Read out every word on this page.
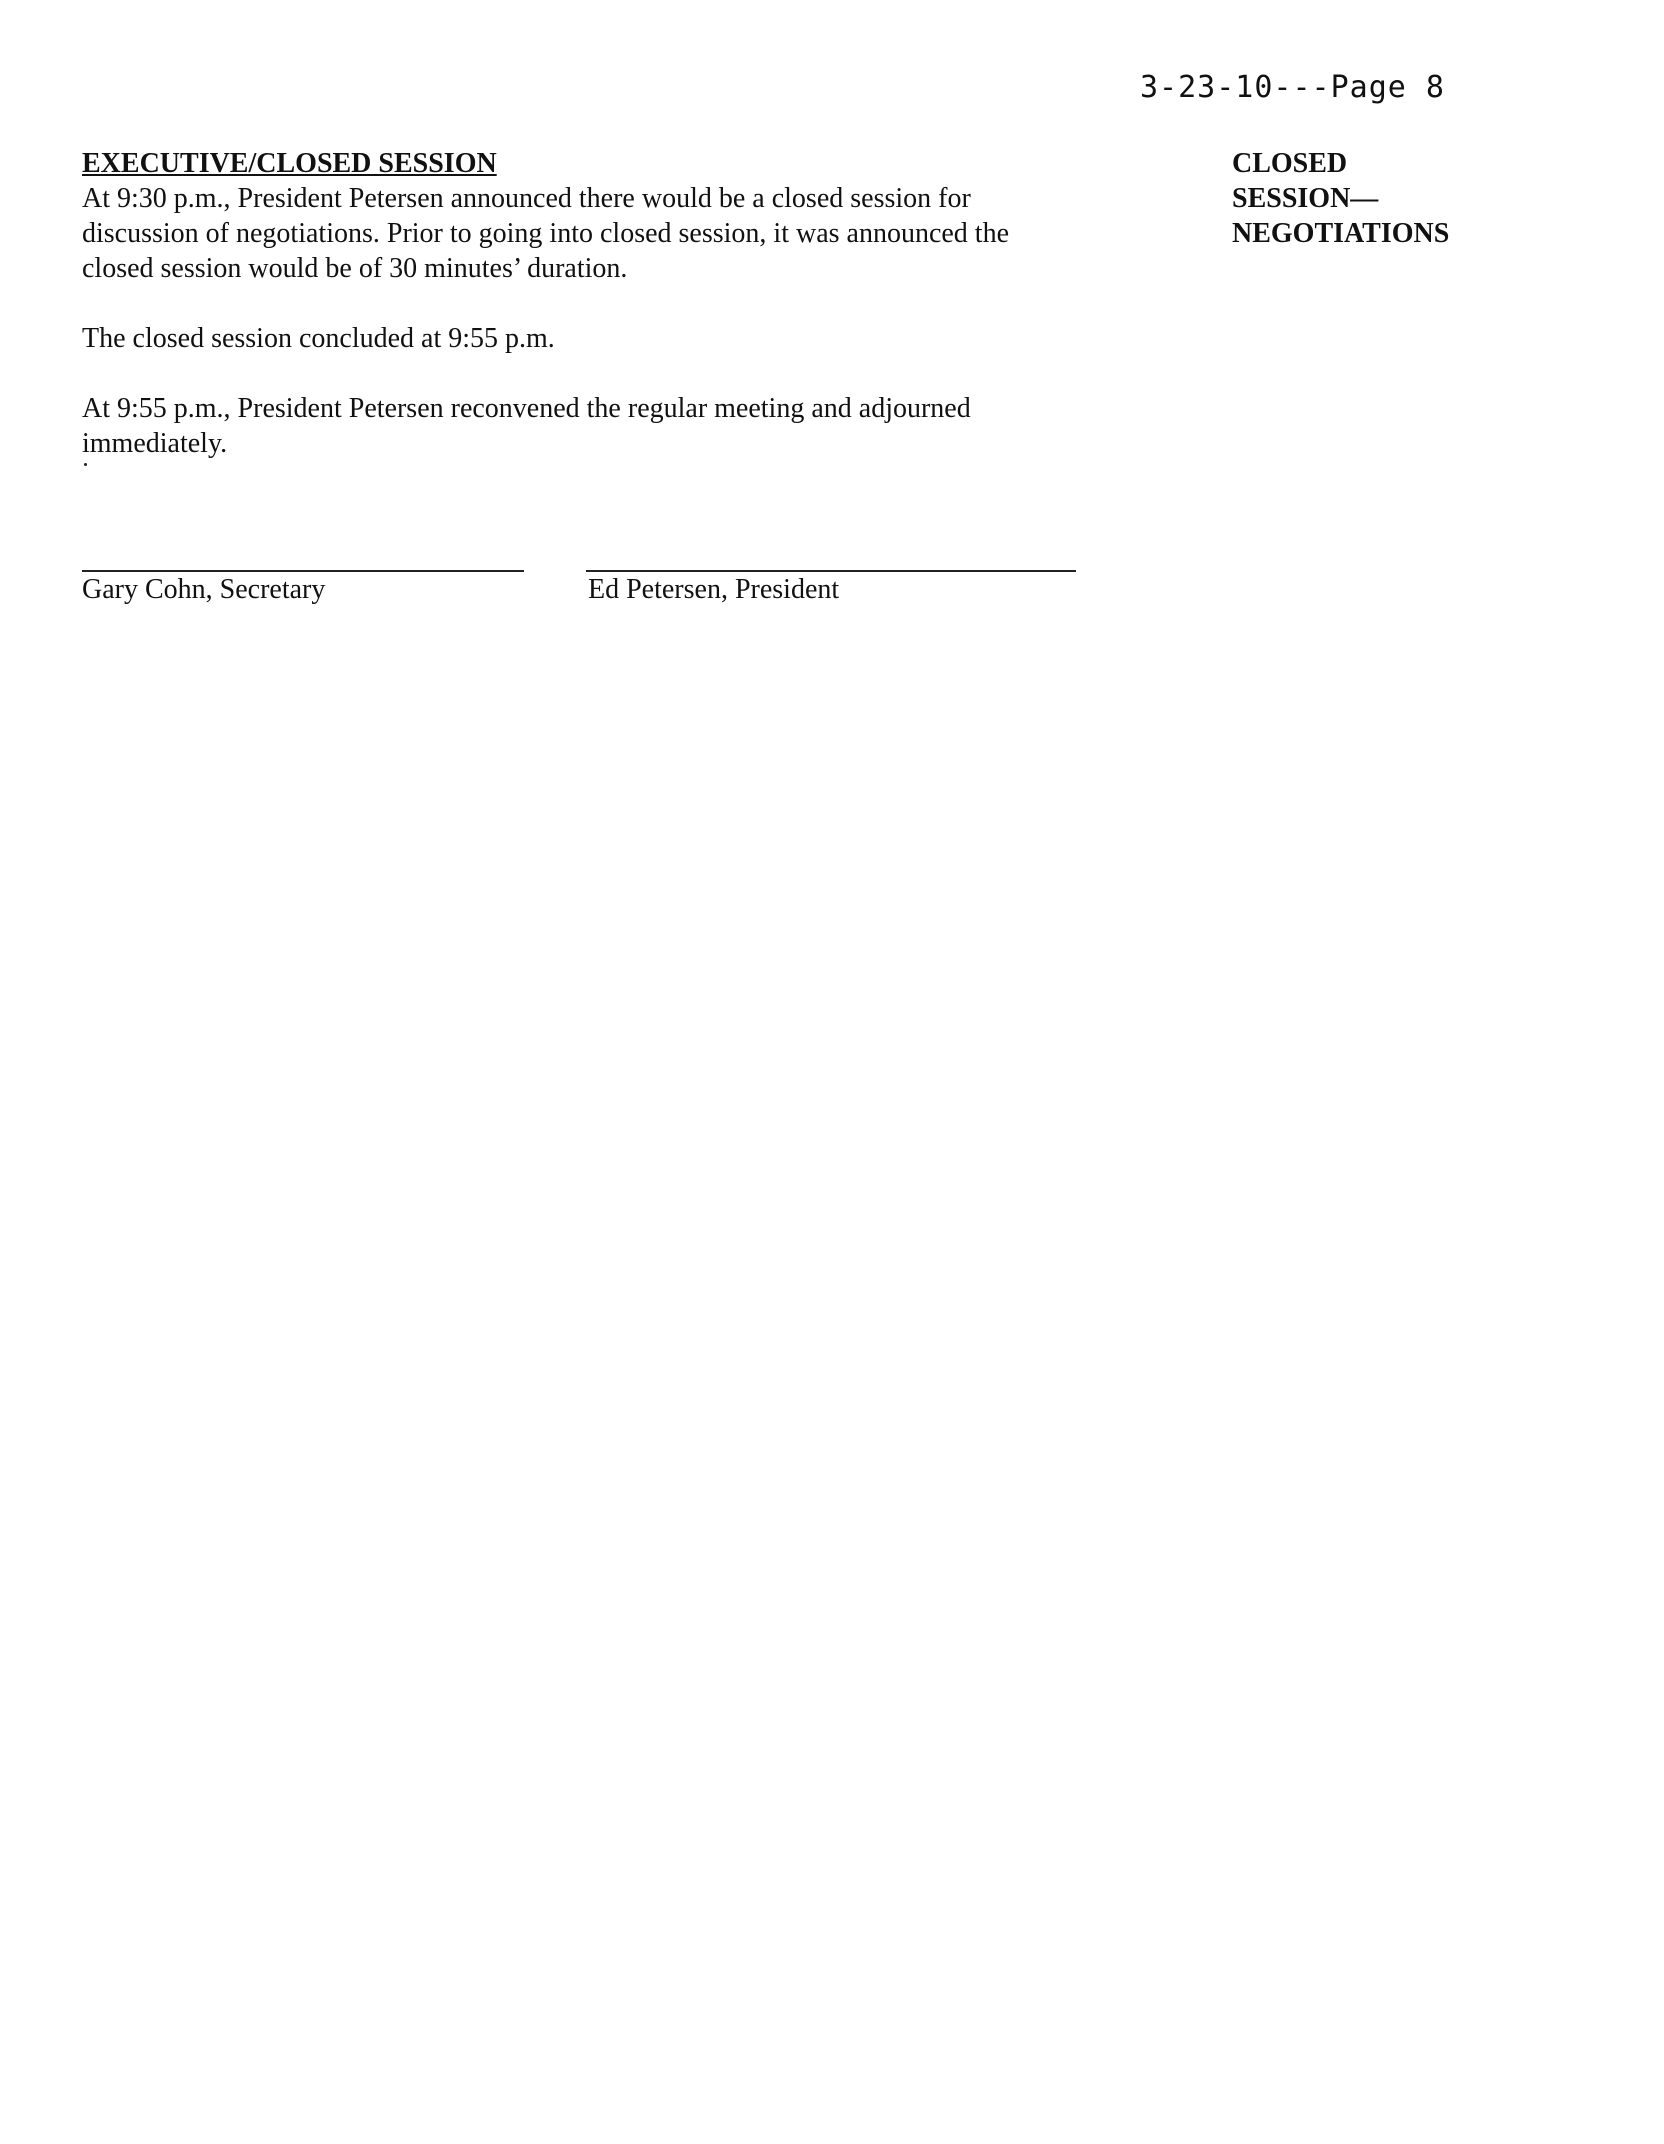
3-23-10---Page 8

EXECUTIVE/CLOSED SESSION

At 9:30 p.m., President Petersen announced there would be a closed session for
discussion of negotiations. Prior to going into closed session, it was announced the
closed session would be of 30 minutes’ duration.

The closed session concluded at 9:55 p.m.

At 9:55 p.m., President Petersen reconvened the regular meeting and adjourned
immediately.

CLOSED
SESSION—
NEGOTIATIONS
Gary Cohn, Secretary	Ed Petersen, President
